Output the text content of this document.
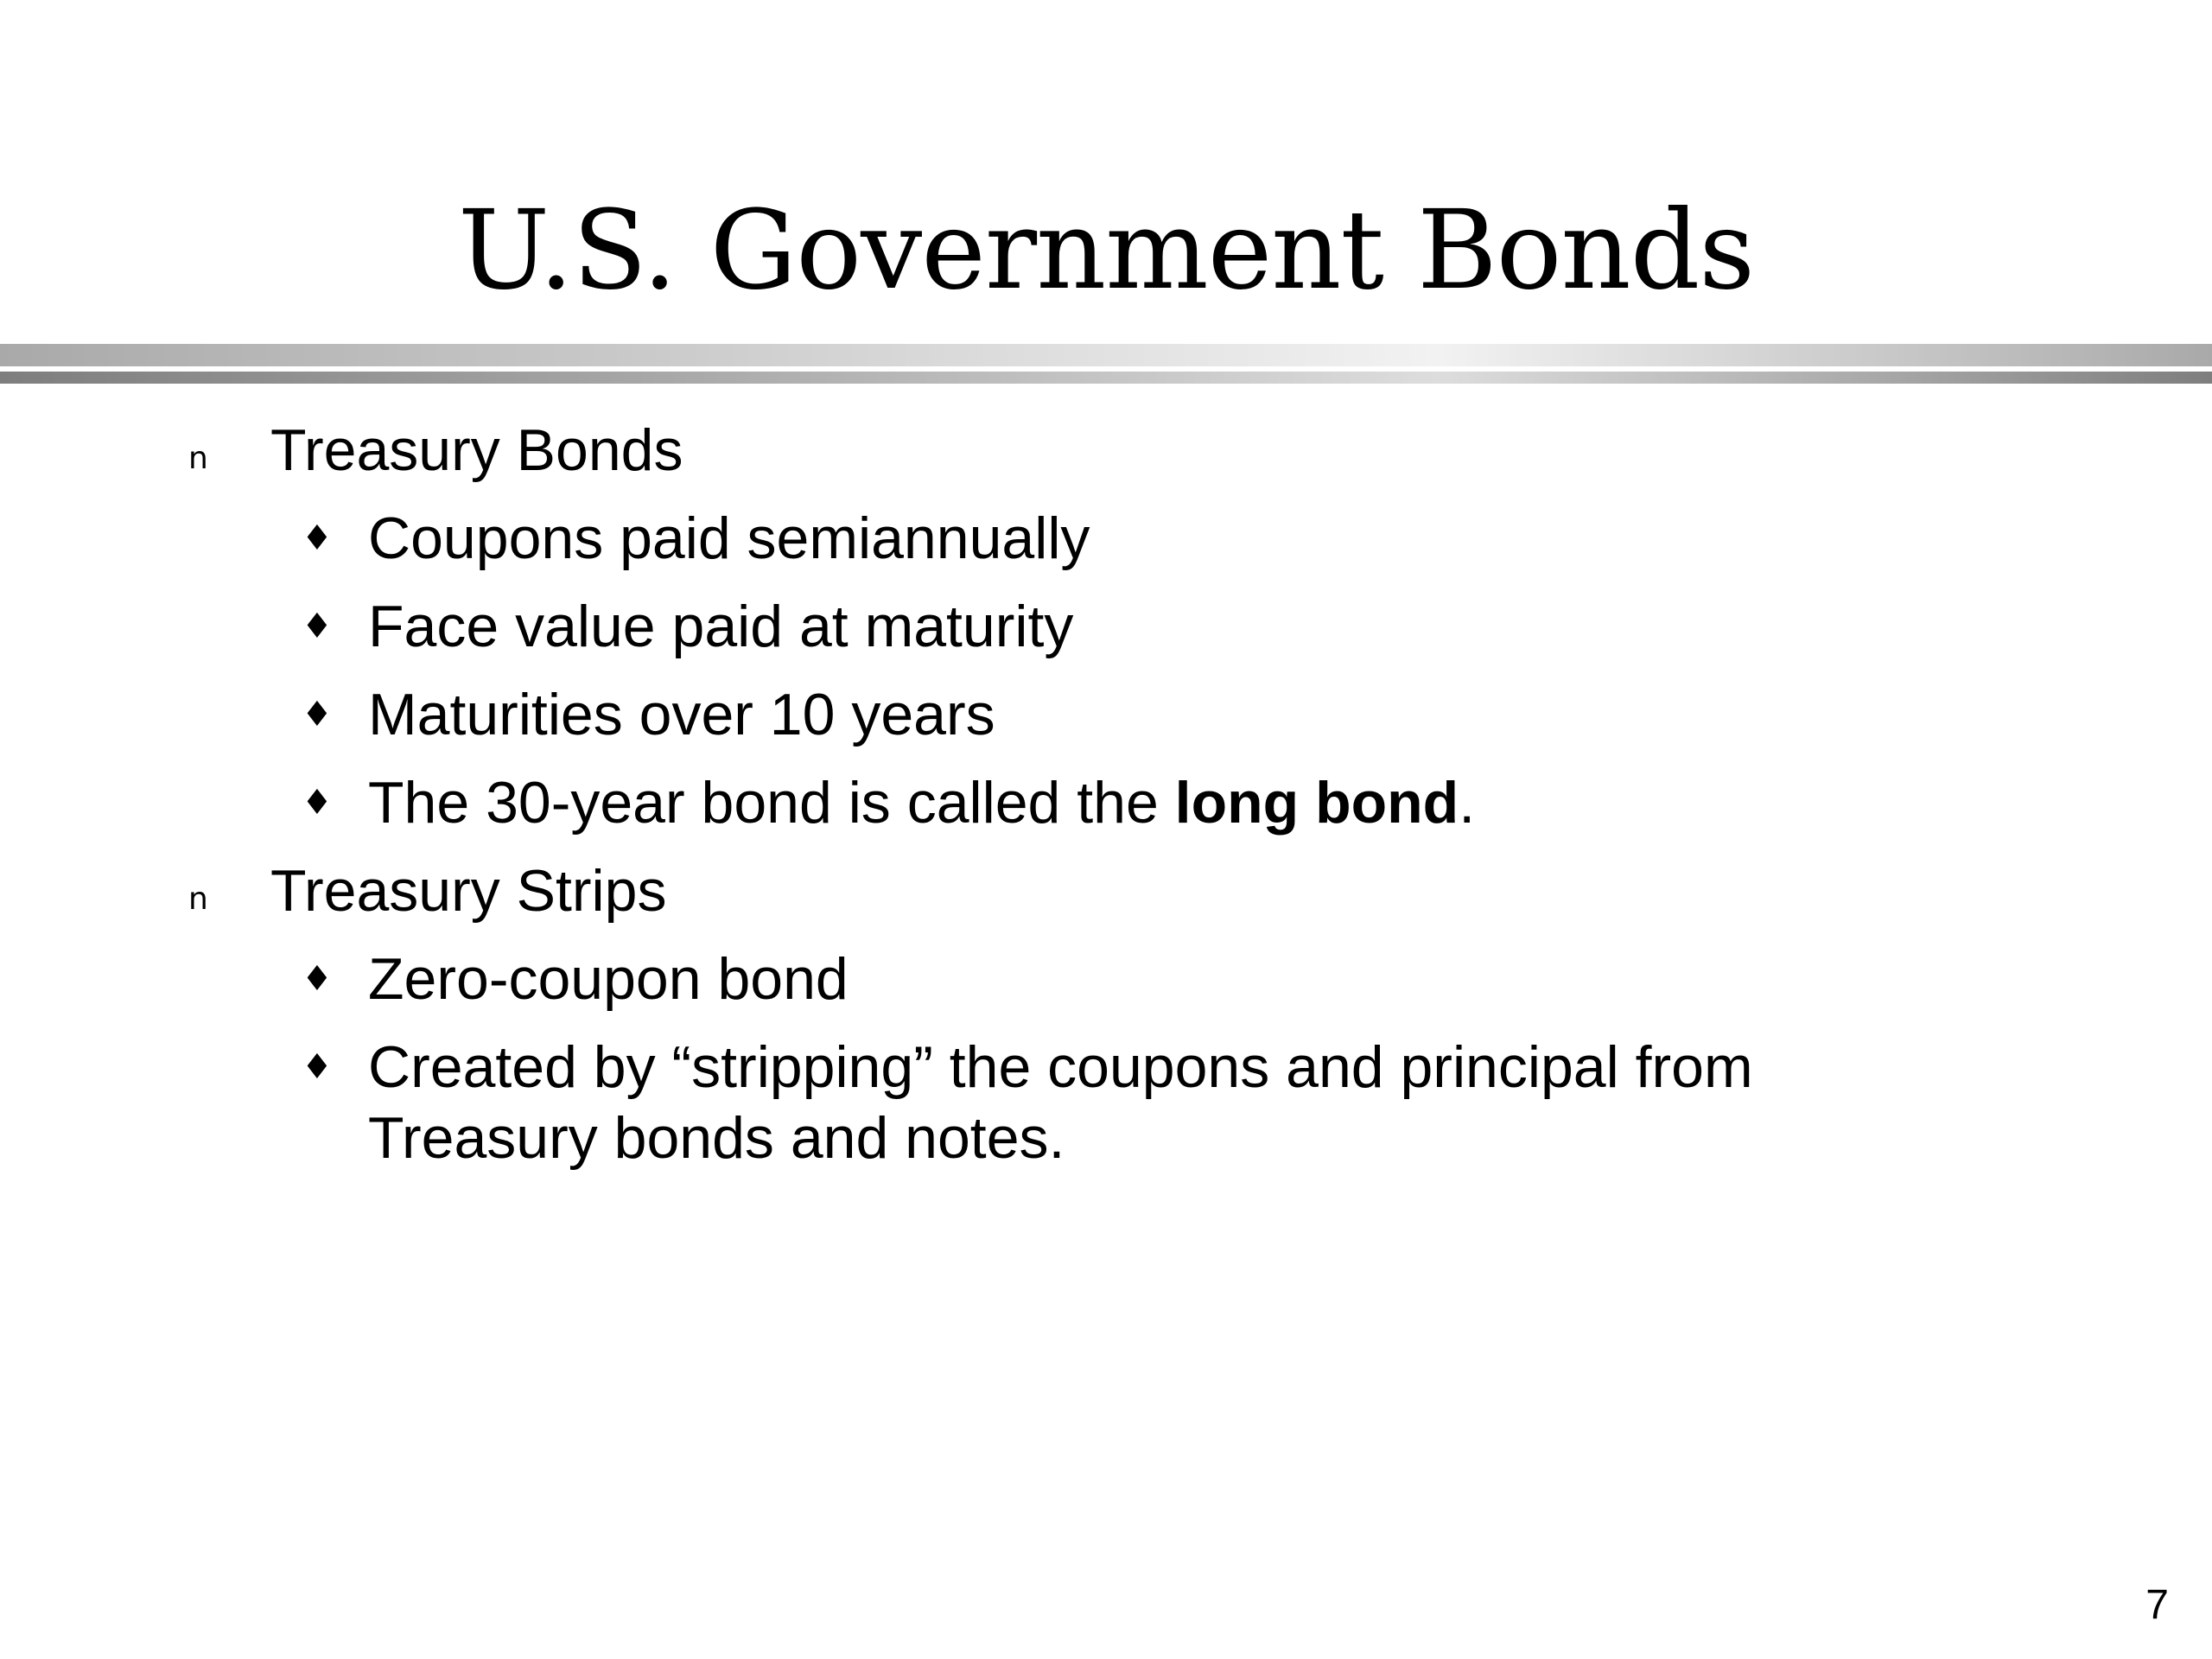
U.S. Government Bonds
n Treasury Bonds
♦ Coupons paid semiannually
♦ Face value paid at maturity
♦ Maturities over 10 years
♦ The 30-year bond is called the long bond.
n Treasury Strips
♦ Zero-coupon bond
♦ Created by “stripping” the coupons and principal from Treasury bonds and notes.
7
